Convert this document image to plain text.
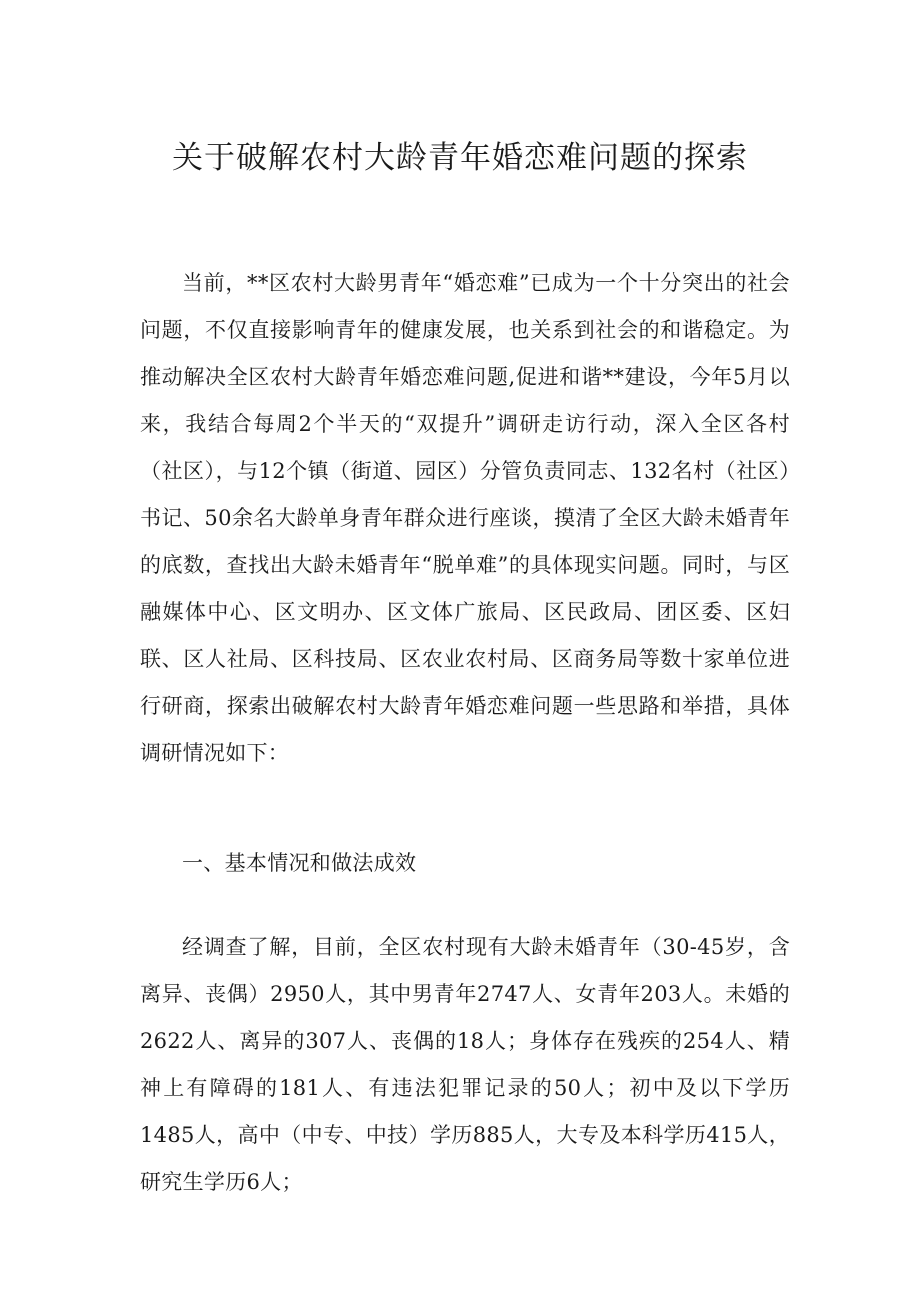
关于破解农村大龄青年婚恋难问题的探索

当前，**区农村大龄男青年“婚恋难”已成为一个十分突出的社会问题，不仅直接影响青年的健康发展，也关系到社会的和谐稳定。为推动解决全区农村大龄青年婚恋难问题,促进和谐**建设，今年5月以来，我结合每周2个半天的“双提升”调研走访行动，深入全区各村（社区），与12个镇（街道、园区）分管负责同志、132名村（社区）书记、50余名大龄单身青年群众进行座谈，摸清了全区大龄未婚青年的底数，查找出大龄未婚青年“脱单难”的具体现实问题。同时，与区融媒体中心、区文明办、区文体广旅局、区民政局、团区委、区妇联、区人社局、区科技局、区农业农村局、区商务局等数十家单位进行研商，探索出破解农村大龄青年婚恋难问题一些思路和举措，具体调研情况如下：

一、基本情况和做法成效

经调查了解，目前，全区农村现有大龄未婚青年（30-45岁，含离异、丧偶）2950人，其中男青年2747人、女青年203人。未婚的2622人、离异的307人、丧偶的18人；身体存在残疾的254人、精神上有障碍的181人、有违法犯罪记录的50人；初中及以下学历1485人，高中（中专、中技）学历885人，大专及本科学历415人，研究生学历6人；
